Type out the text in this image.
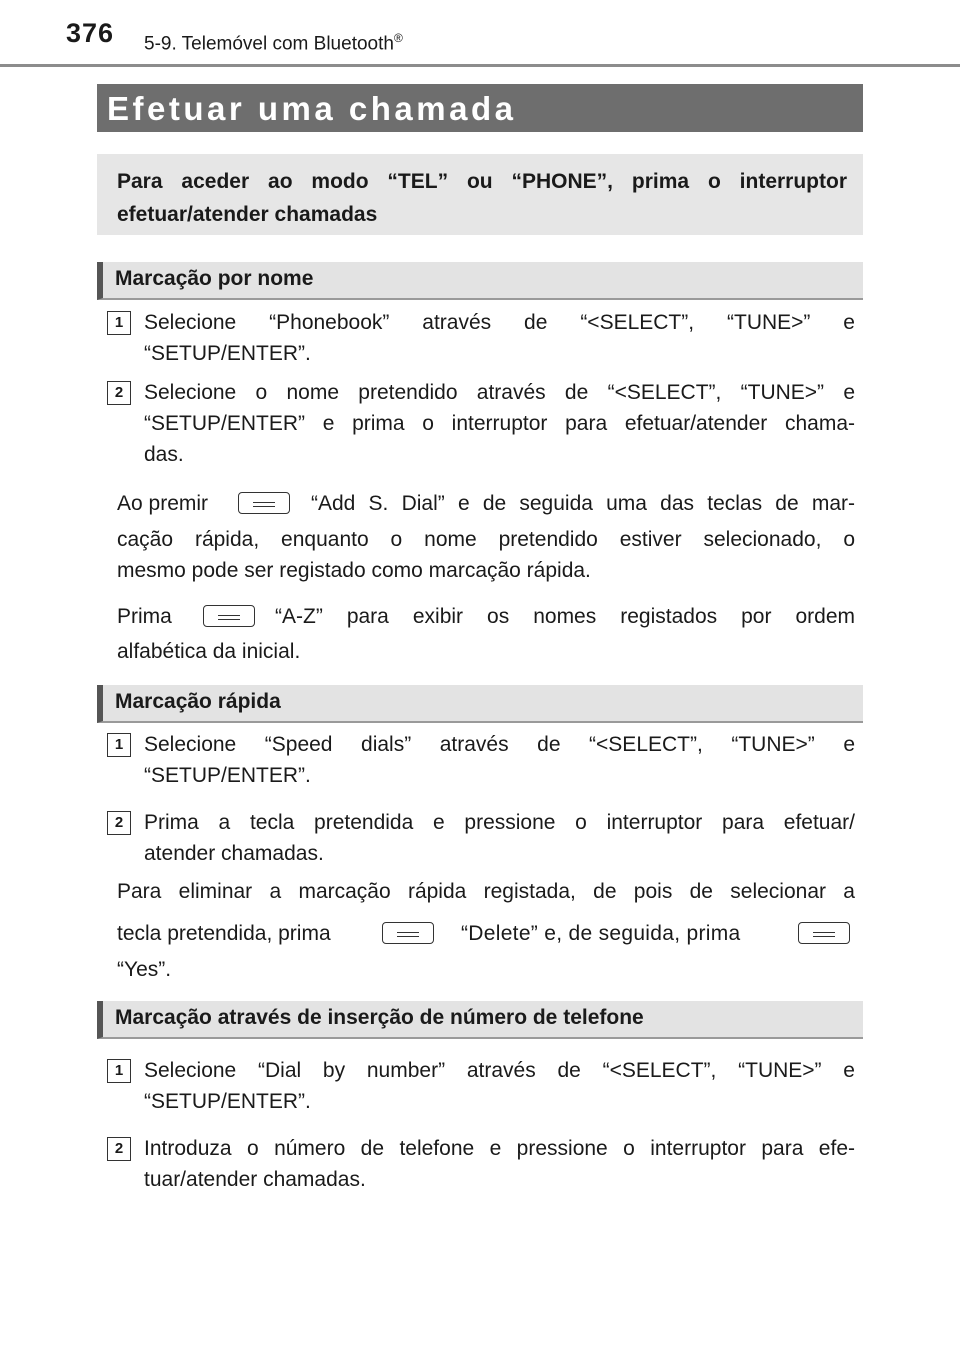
376 5-9. Telemóvel com Bluetooth®
Efetuar uma chamada

Para aceder ao modo “TEL” ou “PHONE”, prima o interruptor efetuar/atender chamadas

Marcação por nome
1 Selecione “Phonebook” através de “<SELECT”, “TUNE>” e

“SETUP/ENTER”.

2 Selecione o nome pretendido através de “<SELECT”, “TUNE>” e

“SETUP/ENTER” e prima o interruptor para efetuar/atender chama-

das.

Ao premir	“Add S. Dial” e de seguida uma das teclas de mar-

cação rápida, enquanto o nome pretendido estiver selecionado, o

mesmo pode ser registado como marcação rápida.

Prima	“A-Z” para exibir os nomes registados por ordem

alfabética da inicial.

Marcação rápida
1 Selecione “Speed dials” através de “<SELECT”, “TUNE>” e

“SETUP/ENTER”.

2 Prima a tecla pretendida e pressione o interruptor para efetuar/

atender chamadas.

Para eliminar a marcação rápida registada, de pois de selecionar a

tecla pretendida, prima	“Delete” e, de seguida, prima

“Yes”.

Marcação através de inserção de número de telefone
1 Selecione “Dial by number” através de “<SELECT”, “TUNE>” e

“SETUP/ENTER”.

2 Introduza o número de telefone e pressione o interruptor para efe-

tuar/atender chamadas.
